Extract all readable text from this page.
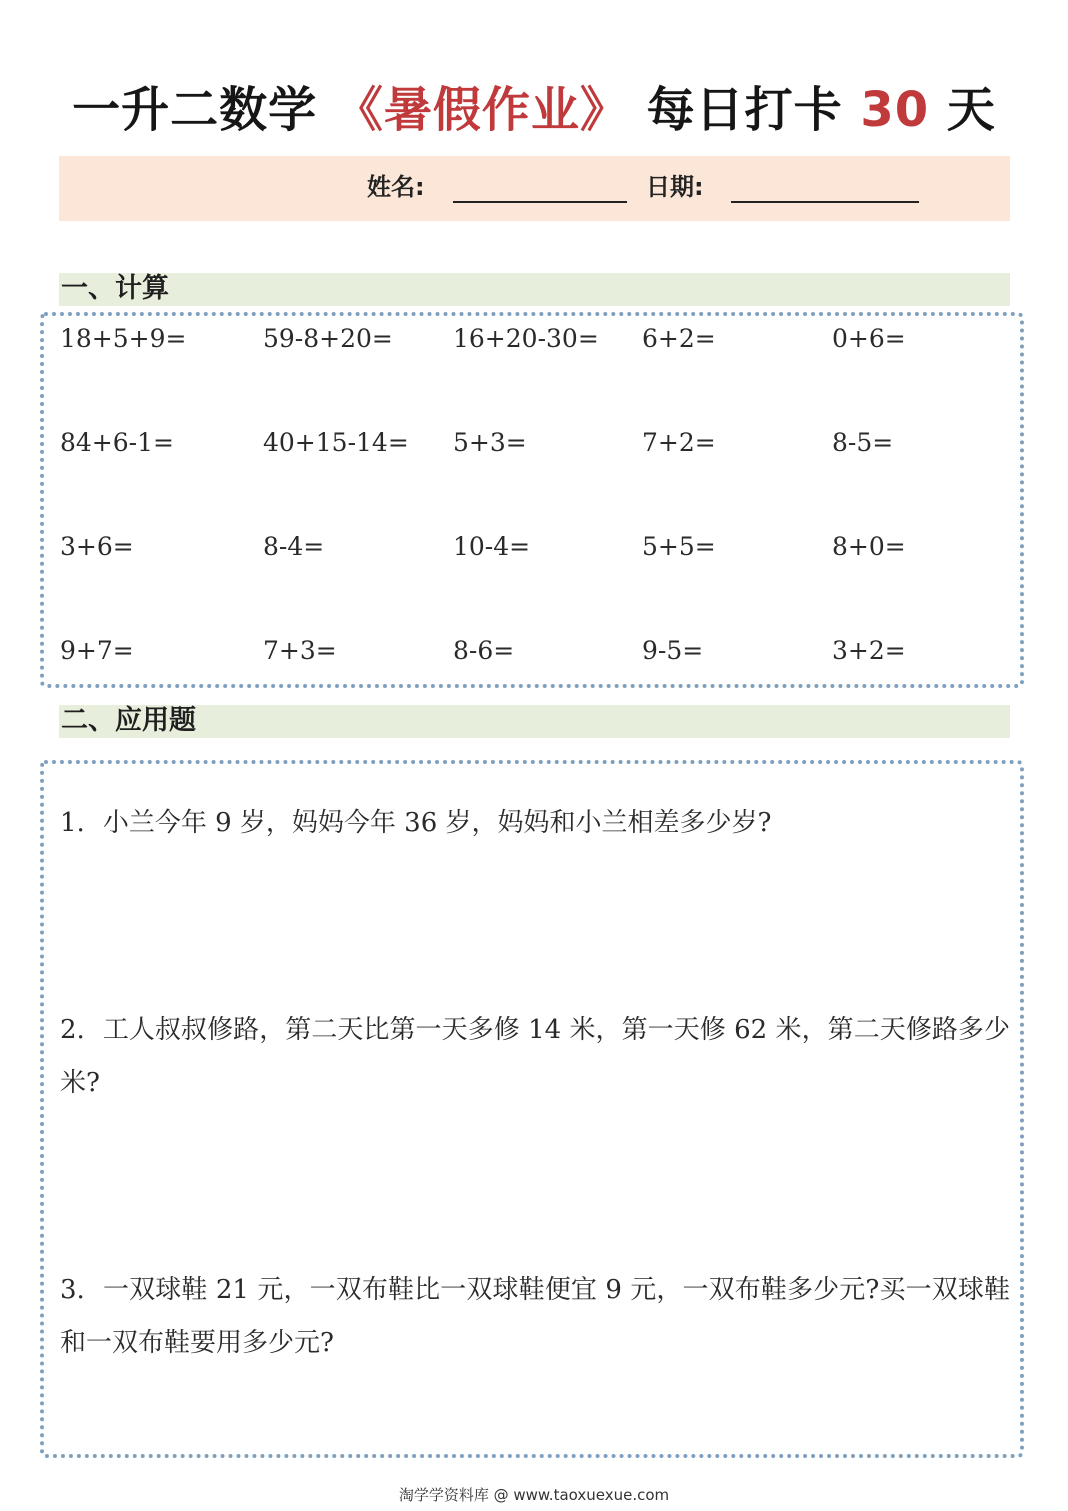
一升二数学 《暑假作业》 每日打卡 30 天
姓名:	日期:
一、计算
18+5+9=	59-8+20= 16+20-30= 6+2=	0+6=
84+6-1=	40+15-14= 5+3=	7+2=	8-5=
3+6=	8-4=	10-4=	5+5=	8+0=
9+7=	7+3=	8-6=	9-5=	3+2=
二、应用题
1. 小兰今年 9 岁，妈妈今年 36 岁，妈妈和小兰相差多少岁?
2. 工人叔叔修路，第二天比第一天多修 14 米，第一天修 62 米，第二天修路多少米?
3. 一双球鞋 21 元，一双布鞋比一双球鞋便宜 9 元，一双布鞋多少元?买一双球鞋和一双布鞋要用多少元?
淘学学资料库 @ www.taoxuexue.com
